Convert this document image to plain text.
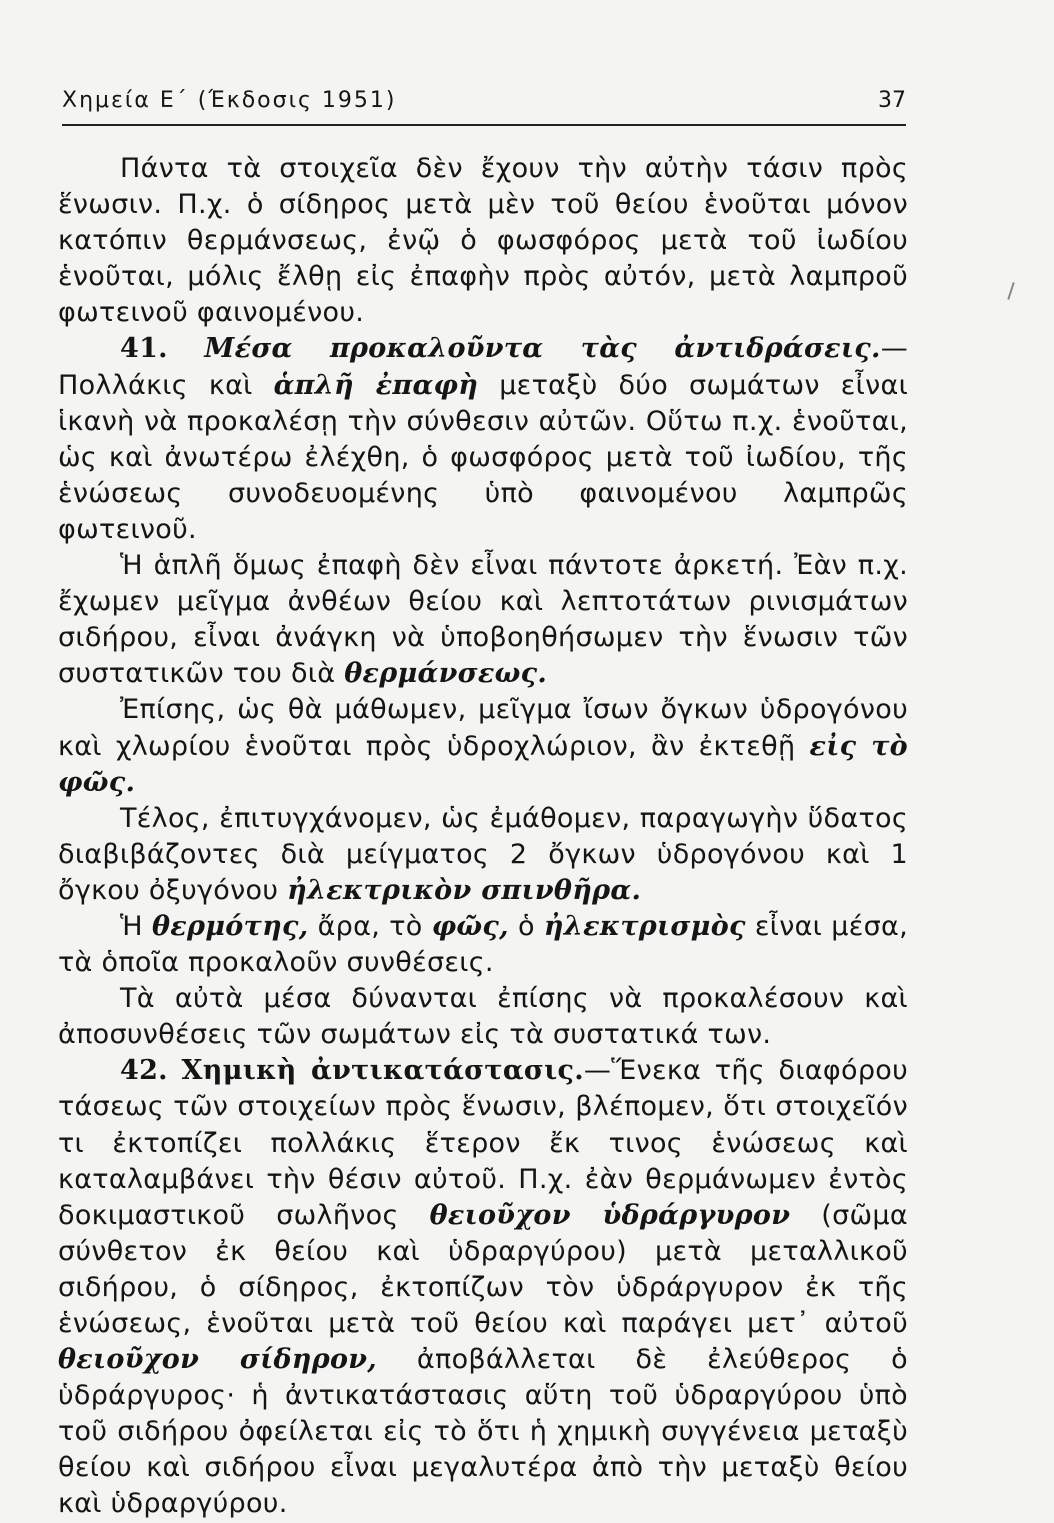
Χημεία Ε΄ (Έκδοσις 1951)	37

Πάντα τὰ στοιχεῖα δὲν ἔχουν τὴν αὐτὴν τάσιν πρὸς ἕνωσιν. Π.χ. ὁ σίδηρος μετὰ μὲν τοῦ θείου ἑνοῦται μόνον κατόπιν θερμάνσεως, ἐνῷ ὁ φωσφόρος μετὰ τοῦ ἰωδίου ἑνοῦται, μόλις ἔλθῃ εἰς ἐπαφὴν πρὸς αὐτόν, μετὰ λαμπροῦ φωτεινοῦ φαινομένου.

41. Μέσα προκαλοῦντα τὰς ἀντιδράσεις.— Πολλάκις καὶ ἁπλῆ ἐπαφὴ μεταξὺ δύο σωμάτων εἶναι ἱκανὴ νὰ προκαλέσῃ τὴν σύνθεσιν αὐτῶν. Οὕτω π.χ. ἑνοῦται, ὡς καὶ ἀνωτέρω ἐλέχθη, ὁ φωσφόρος μετὰ τοῦ ἰωδίου, τῆς ἑνώσεως συνοδευομένης ὑπὸ φαινομένου λαμπρῶς φωτεινοῦ.

Ἡ ἁπλῆ ὅμως ἐπαφὴ δὲν εἶναι πάντοτε ἀρκετή. Ἐὰν π.χ. ἔχωμεν μεῖγμα ἀνθέων θείου καὶ λεπτοτάτων ρινισμάτων σιδήρου, εἶναι ἀνάγκη νὰ ὑποβοηθήσωμεν τὴν ἕνωσιν τῶν συστατικῶν του διὰ θερμάνσεως.

Ἐπίσης, ὡς θὰ μάθωμεν, μεῖγμα ἴσων ὄγκων ὑδρογόνου καὶ χλωρίου ἑνοῦται πρὸς ὑδροχλώριον, ἂν ἐκτεθῇ εἰς τὸ φῶς.

Τέλος, ἐπιτυγχάνομεν, ὡς ἐμάθομεν, παραγωγὴν ὕδατος διαβιβάζοντες διὰ μείγματος 2 ὄγκων ὑδρογόνου καὶ 1 ὄγκου ὀξυγόνου ἠλεκτρικὸν σπινθῆρα.

Ἡ θερμότης, ἄρα, τὸ φῶς, ὁ ἠλεκτρισμὸς εἶναι μέσα, τὰ ὁποῖα προκαλοῦν συνθέσεις.

Τὰ αὐτὰ μέσα δύνανται ἐπίσης νὰ προκαλέσουν καὶ ἀποσυνθέσεις τῶν σωμάτων εἰς τὰ συστατικά των.

42. Χημικὴ ἀντικατάστασις.—Ἕνεκα τῆς διαφόρου τάσεως τῶν στοιχείων πρὸς ἕνωσιν, βλέπομεν, ὅτι στοιχεῖόν τι ἐκτοπίζει πολλάκις ἕτερον ἔκ τινος ἑνώσεως καὶ καταλαμβάνει τὴν θέσιν αὐτοῦ. Π.χ. ἐὰν θερμάνωμεν ἐντὸς δοκιμαστικοῦ σωλῆνος θειοῦχον ὑδράργυρον (σῶμα σύνθετον ἐκ θείου καὶ ὑδραργύρου) μετὰ μεταλλικοῦ σιδήρου, ὁ σίδηρος, ἐκτοπίζων τὸν ὑδράργυρον ἐκ τῆς ἑνώσεως, ἑνοῦται μετὰ τοῦ θείου καὶ παράγει μετ᾽ αὐτοῦ θειοῦχον σίδηρον, ἀποβάλλεται δὲ ἐλεύθερος ὁ ὑδράργυρος· ἡ ἀντικατάστασις αὕτη τοῦ ὑδραργύρου ὑπὸ τοῦ σιδήρου ὀφείλεται εἰς τὸ ὅτι ἡ χημικὴ συγγένεια μεταξὺ θείου καὶ σιδήρου εἶναι μεγαλυτέρα ἀπὸ τὴν μεταξὺ θείου καὶ ὑδραργύρου.
